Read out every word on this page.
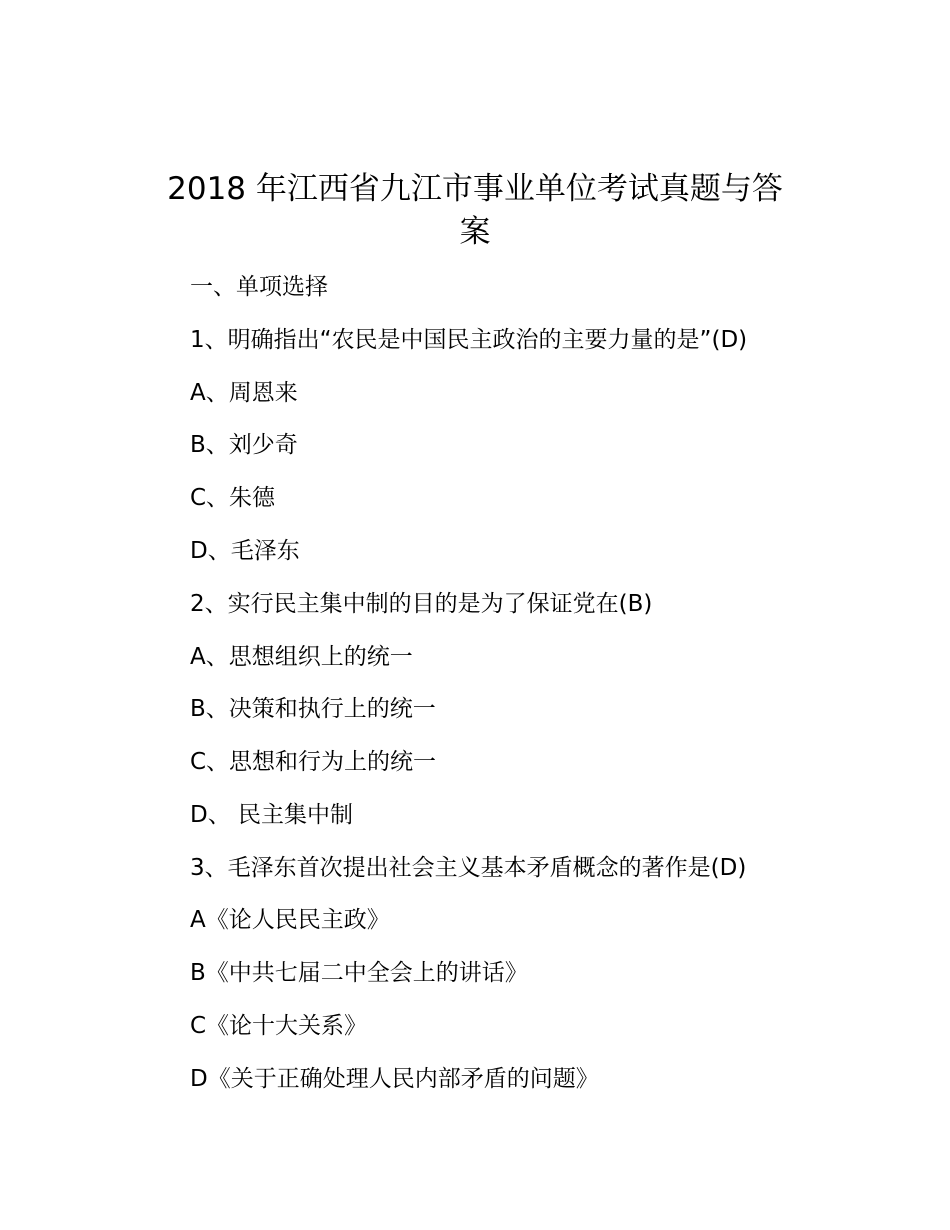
2018 年江西省九江市事业单位考试真题与答
案

一、单项选择

1、明确指出“农民是中国民主政治的主要力量的是”(D)

A、周恩来

B、刘少奇

C、朱德

D、毛泽东

2、实行民主集中制的目的是为了保证党在(B)

A、思想组织上的统一

B、决策和执行上的统一

C、思想和行为上的统一

D、 民主集中制

3、毛泽东首次提出社会主义基本矛盾概念的著作是(D)

A《论人民民主政》

B《中共七届二中全会上的讲话》

C《论十大关系》

D《关于正确处理人民内部矛盾的问题》
